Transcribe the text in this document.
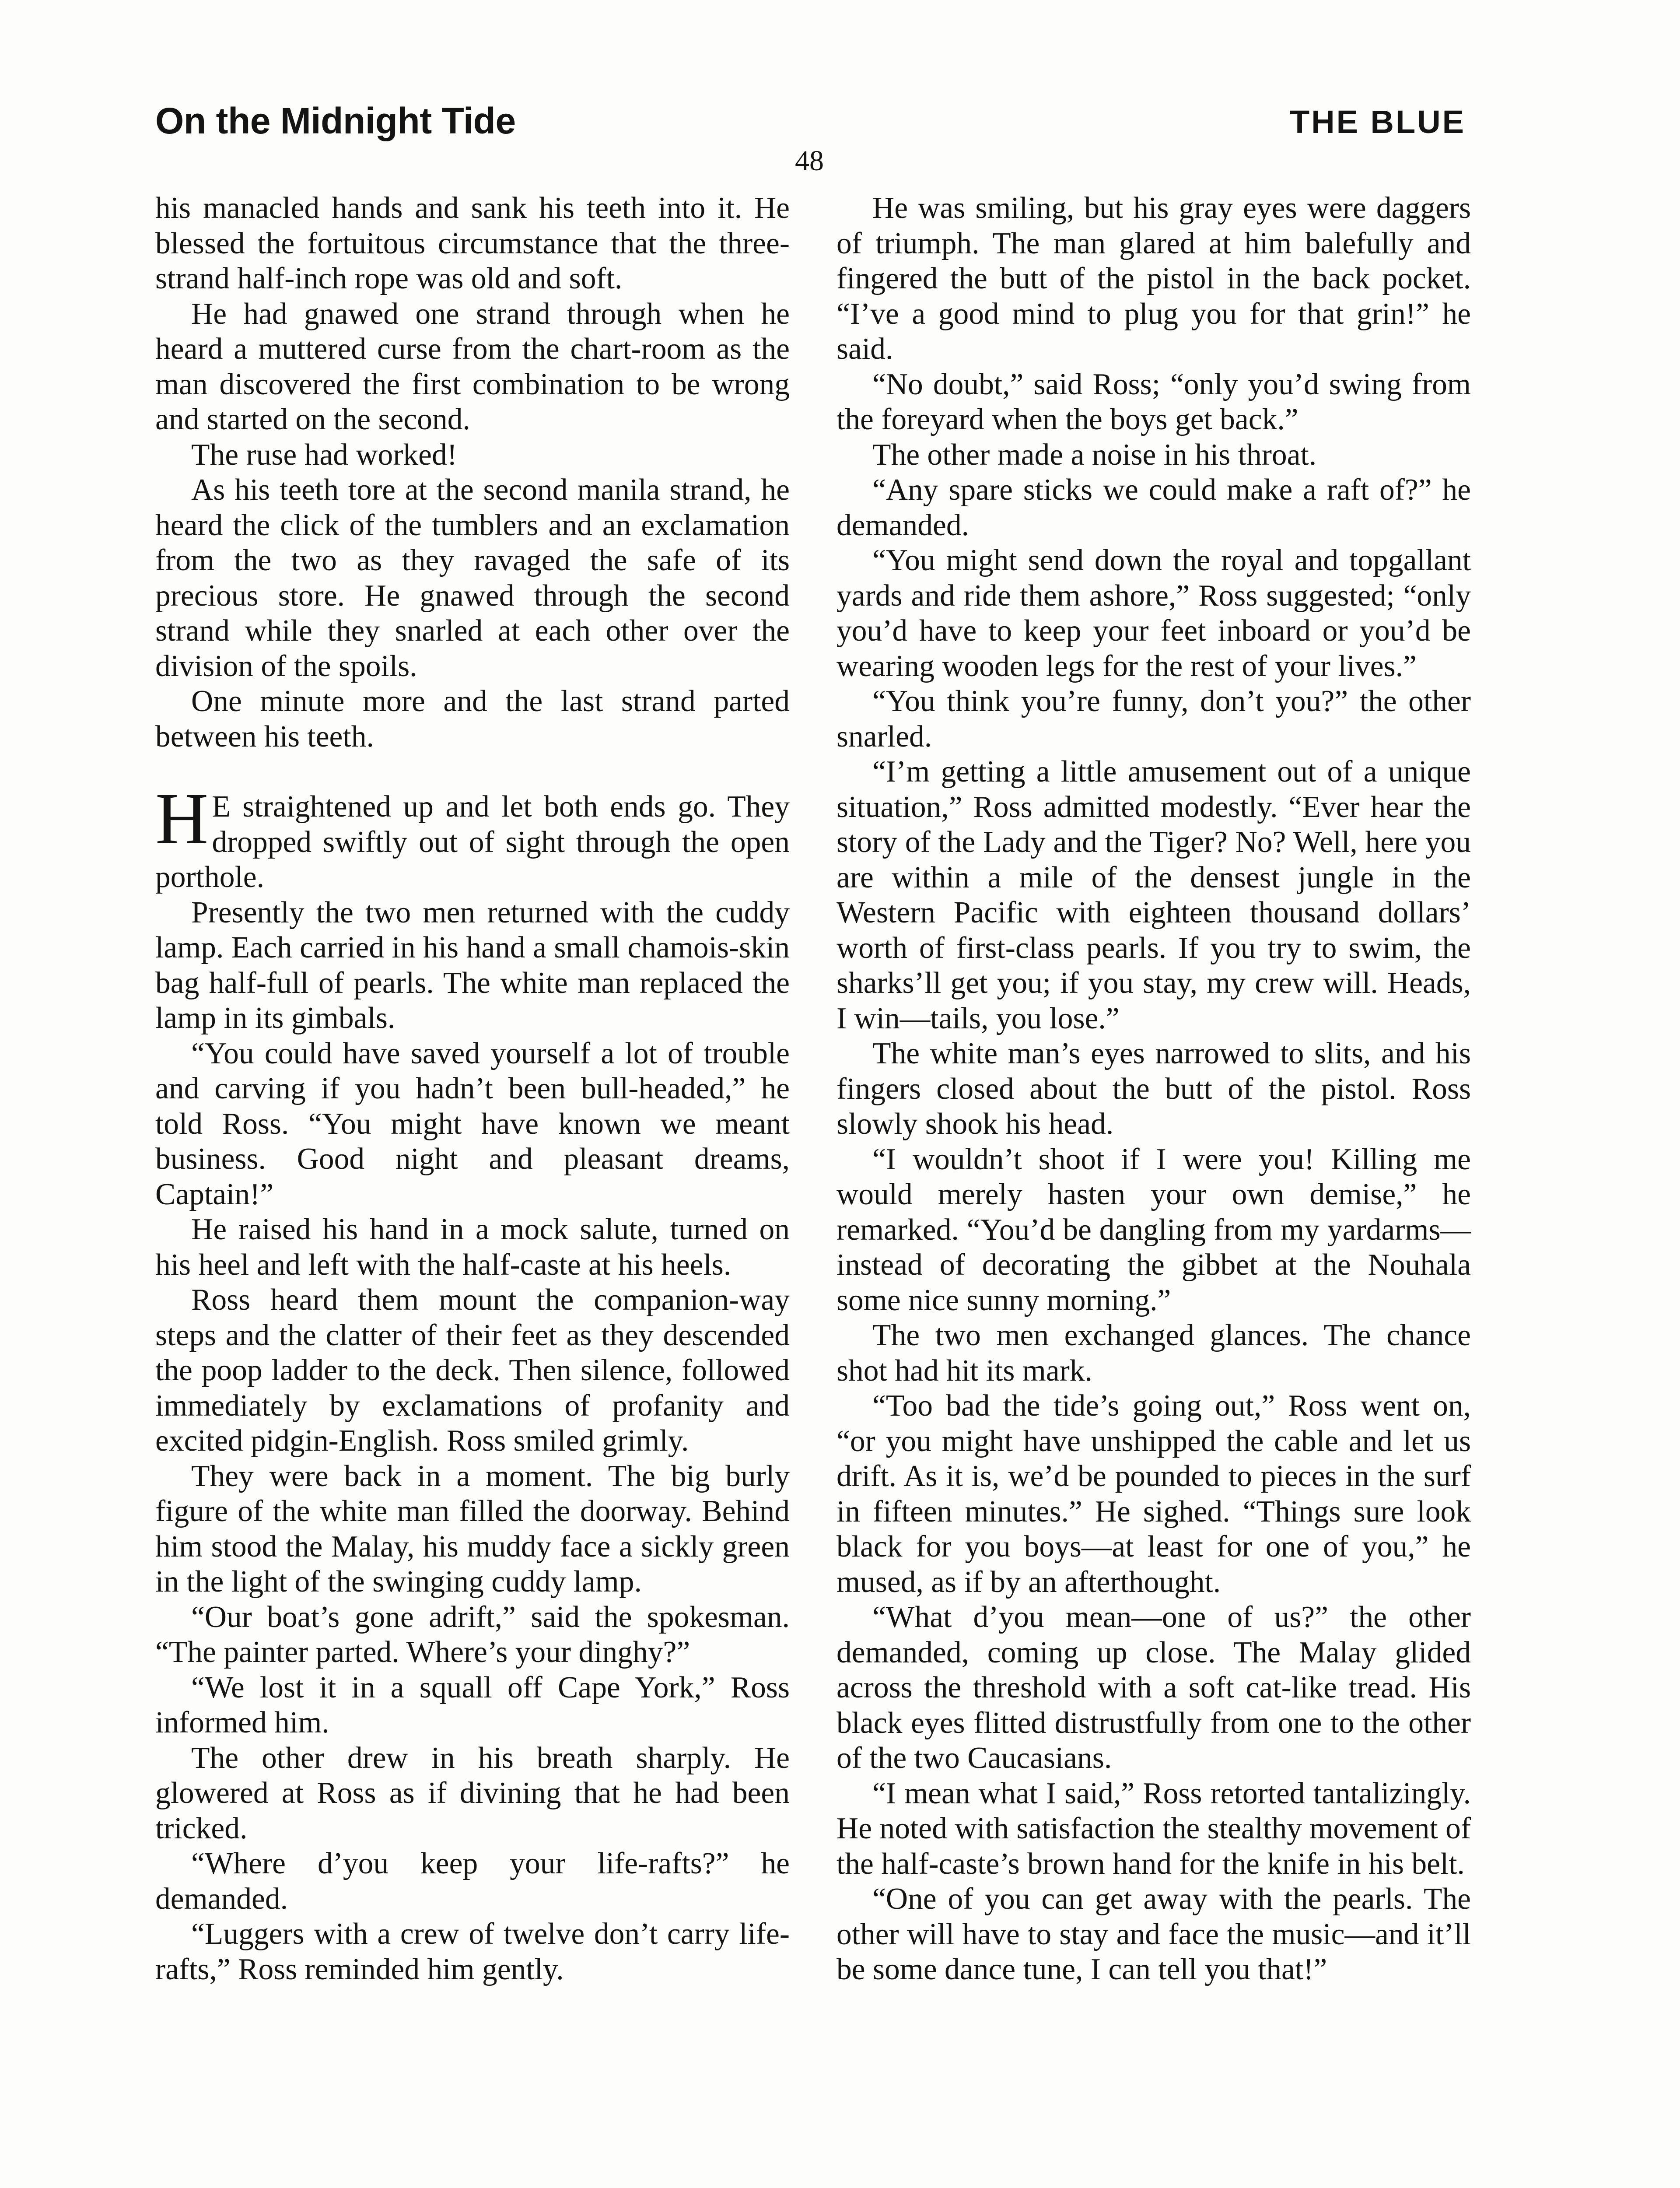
On the Midnight Tide	THE BLUE
48

his manacled hands and sank his teeth into it. He blessed the fortuitous circumstance that the three-strand half-inch rope was old and soft.

He had gnawed one strand through when he heard a muttered curse from the chart-room as the man discovered the first combination to be wrong and started on the second.

The ruse had worked!

As his teeth tore at the second manila strand, he heard the click of the tumblers and an exclamation from the two as they ravaged the safe of its precious store. He gnawed through the second strand while they snarled at each other over the division of the spoils.

One minute more and the last strand parted between his teeth.

H E straightened up and let both ends go. They dropped swiftly out of sight through the open porthole.

Presently the two men returned with the cuddy lamp. Each carried in his hand a small chamois-skin bag half-full of pearls. The white man replaced the lamp in its gimbals.

“You could have saved yourself a lot of trouble and carving if you hadn’t been bull-headed,” he told Ross. “You might have known we meant business. Good night and pleasant dreams, Captain!”

He raised his hand in a mock salute, turned on his heel and left with the half-caste at his heels.

Ross heard them mount the companion-way steps and the clatter of their feet as they descended the poop ladder to the deck. Then silence, followed immediately by exclamations of profanity and excited pidgin-English. Ross smiled grimly.

They were back in a moment. The big burly figure of the white man filled the doorway. Behind him stood the Malay, his muddy face a sickly green in the light of the swinging cuddy lamp.

“Our boat’s gone adrift,” said the spokesman. “The painter parted. Where’s your dinghy?”

“We lost it in a squall off Cape York,” Ross informed him.

The other drew in his breath sharply. He glowered at Ross as if divining that he had been tricked.

“Where d’you keep your life-rafts?” he demanded.

“Luggers with a crew of twelve don’t carry life-rafts,” Ross reminded him gently.

He was smiling, but his gray eyes were daggers of triumph. The man glared at him balefully and fingered the butt of the pistol in the back pocket. “I’ve a good mind to plug you for that grin!” he said.

“No doubt,” said Ross; “only you’d swing from the foreyard when the boys get back.”

The other made a noise in his throat.

“Any spare sticks we could make a raft of?” he demanded.

“You might send down the royal and topgallant yards and ride them ashore,” Ross suggested; “only you’d have to keep your feet inboard or you’d be wearing wooden legs for the rest of your lives.”

“You think you’re funny, don’t you?” the other snarled.

“I’m getting a little amusement out of a unique situation,” Ross admitted modestly. “Ever hear the story of the Lady and the Tiger? No? Well, here you are within a mile of the densest jungle in the Western Pacific with eighteen thousand dollars’ worth of first-class pearls. If you try to swim, the sharks’ll get you; if you stay, my crew will. Heads, I win—tails, you lose.”

The white man’s eyes narrowed to slits, and his fingers closed about the butt of the pistol. Ross slowly shook his head.

“I wouldn’t shoot if I were you! Killing me would merely hasten your own demise,” he remarked. “You’d be dangling from my yardarms—instead of decorating the gibbet at the Nouhala some nice sunny morning.”

The two men exchanged glances. The chance shot had hit its mark.

“Too bad the tide’s going out,” Ross went on, “or you might have unshipped the cable and let us drift. As it is, we’d be pounded to pieces in the surf in fifteen minutes.” He sighed. “Things sure look black for you boys—at least for one of you,” he mused, as if by an afterthought.

“What d’you mean—one of us?” the other demanded, coming up close. The Malay glided across the threshold with a soft cat-like tread. His black eyes flitted distrustfully from one to the other of the two Caucasians.

“I mean what I said,” Ross retorted tantalizingly. He noted with satisfaction the stealthy movement of the half-caste’s brown hand for the knife in his belt.

“One of you can get away with the pearls. The other will have to stay and face the music—and it’ll be some dance tune, I can tell you that!”
